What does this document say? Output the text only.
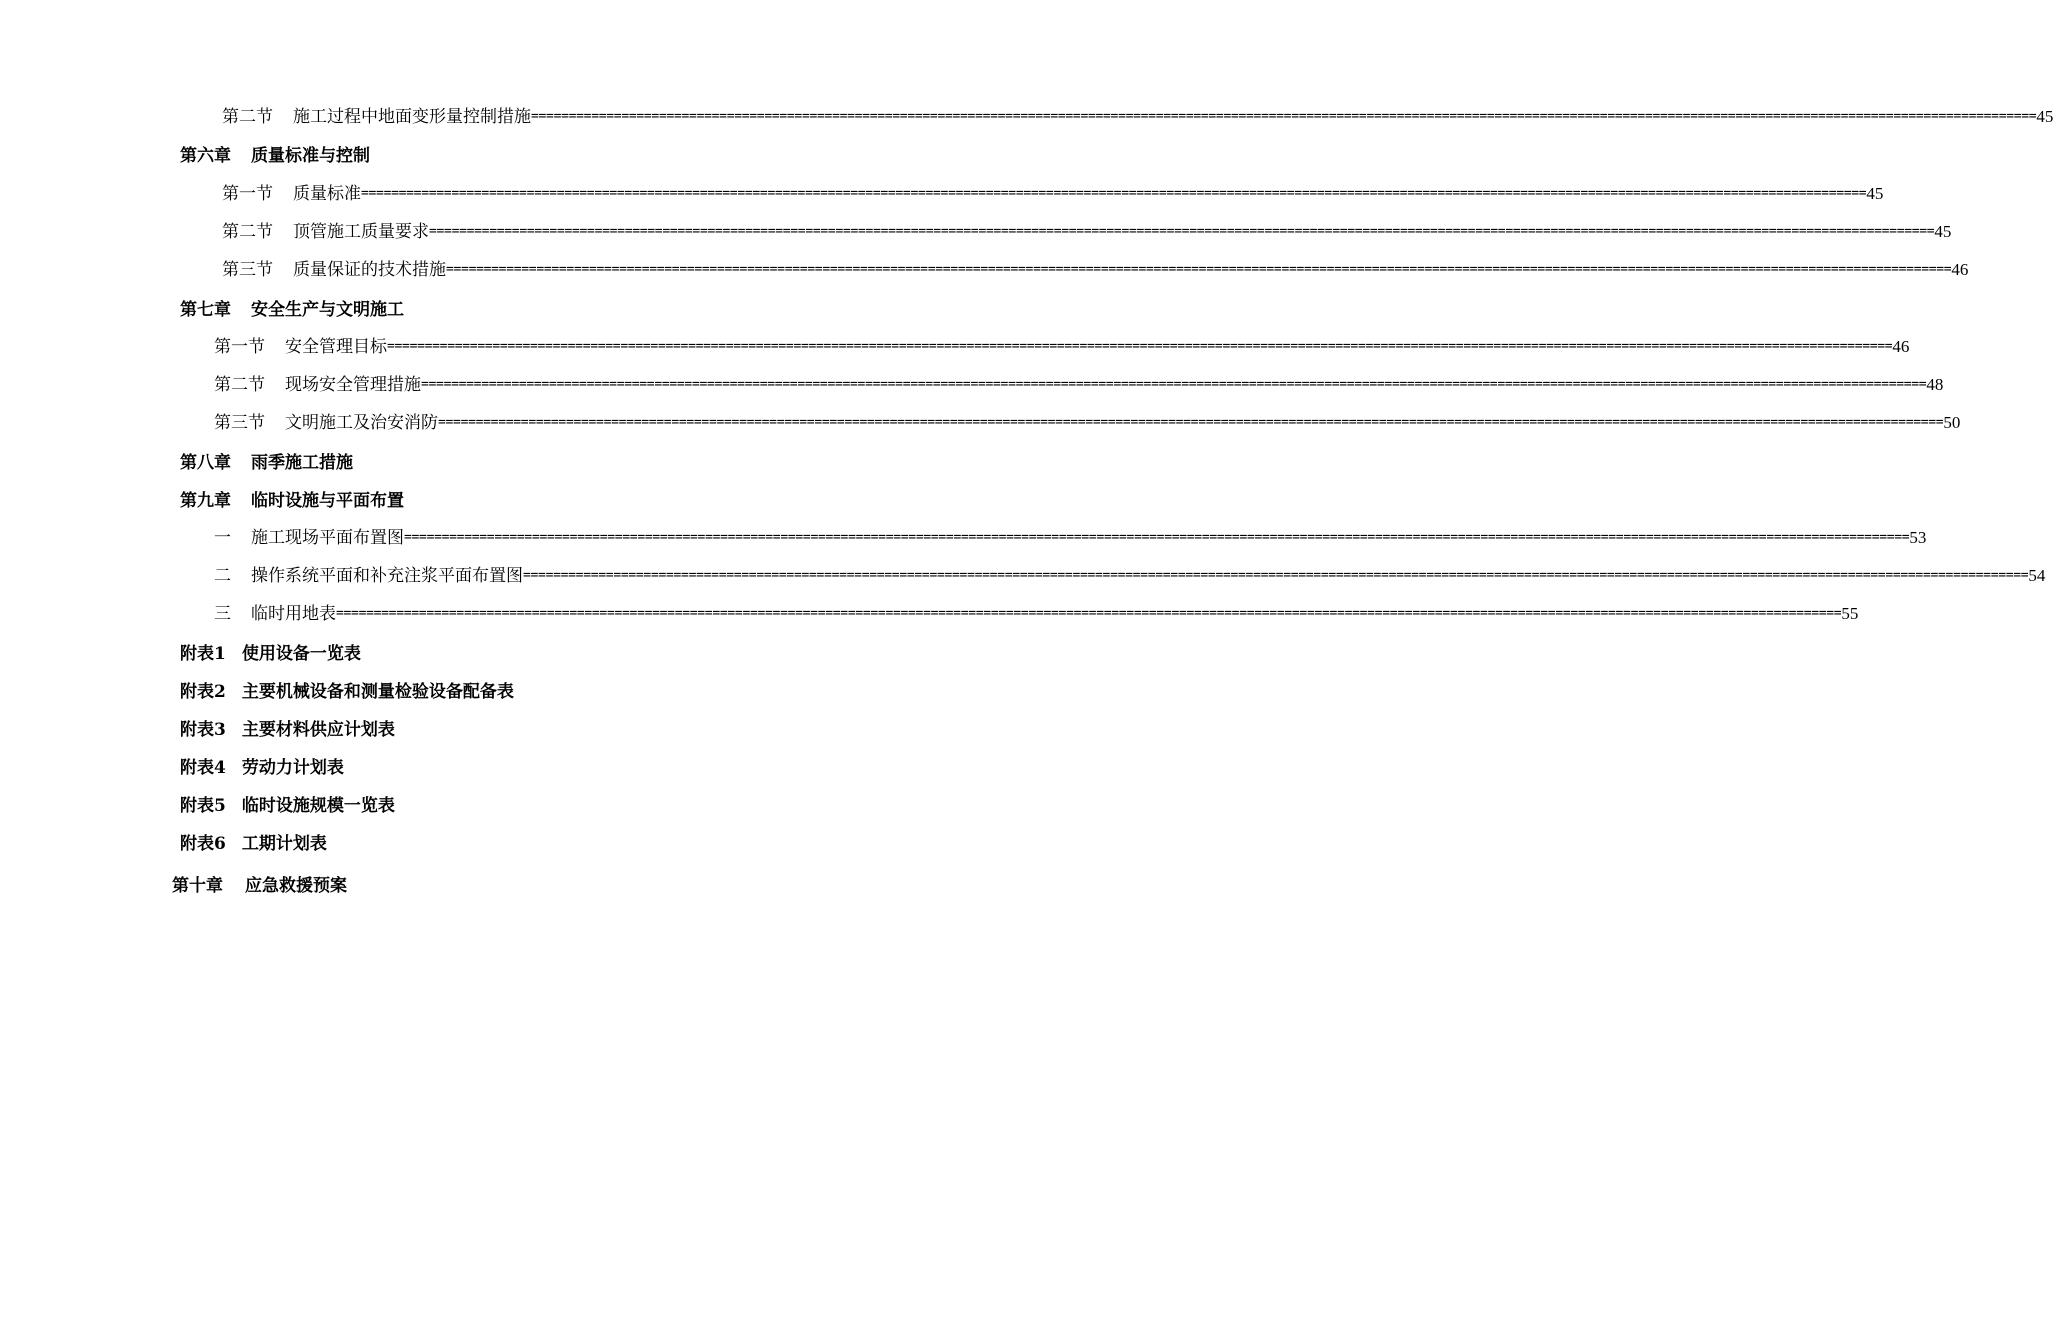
第二节 施工过程中地面变形量控制措施 ======================================================================================================================================================================================================== 45
第六章 质量标准与控制
第一节 质量标准 ======================================================================================================================================================================================================== 45
第二节 顶管施工质量要求 ======================================================================================================================================================================================================== 45
第三节 质量保证的技术措施 ======================================================================================================================================================================================================== 46
第七章 安全生产与文明施工
第一节 安全管理目标 ======================================================================================================================================================================================================== 46
第二节 现场安全管理措施 ======================================================================================================================================================================================================== 48
第三节 文明施工及治安消防 ======================================================================================================================================================================================================== 50
第八章 雨季施工措施
第九章 临时设施与平面布置
一 施工现场平面布置图 ======================================================================================================================================================================================================== 53
二 操作系统平面和补充注浆平面布置图 ======================================================================================================================================================================================================== 54
三 临时用地表 ======================================================================================================================================================================================================== 55
附表1 使用设备一览表
附表2 主要机械设备和测量检验设备配备表
附表3 主要材料供应计划表
附表4 劳动力计划表
附表5 临时设施规模一览表
附表6 工期计划表
第十章 应急救援预案
